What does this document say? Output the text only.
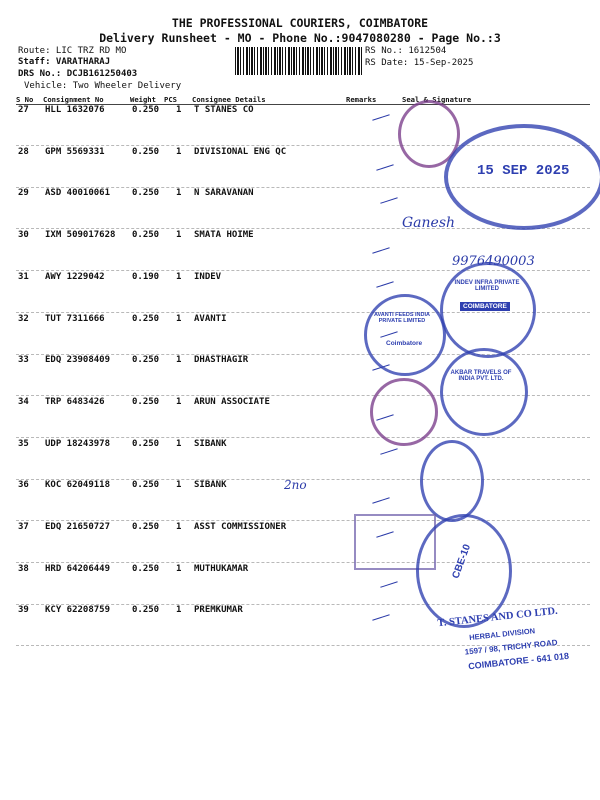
THE PROFESSIONAL COURIERS, COIMBATORE
Delivery Runsheet - MO - Phone No.:9047080280 - Page No.:3
Route: LIC TRZ RD MO
Staff: VARATHARAJ
DRS No.: DCJB161250403
Vehicle: Two Wheeler Delivery
RS No.: 1612504
RS Date: 15-Sep-2025
S No Consignment No	Weight PCS Consignee Details	Remarks	Seal & Signature
27 HLL 1632076	0.250 1 T STANES CO
28 GPM 5569331	0.250 1 DIVISIONAL ENG QC
29 ASD 40010061 0.250 1 N SARAVANAN
30 IXM 509017628 0.250 1 SMATA HOIME
31 AWY 1229042	0.190 1 INDEV
32 TUT 7311666	0.250 1 AVANTI
33 EDQ 23908409 0.250 1 DHASTHAGIR
34 TRP 6483426	0.250 1 ARUN ASSOCIATE
35 UDP 18243978 0.250 1 SIBANK
36 KOC 62049118 0.250 1 SIBANK
37 EDQ 21650727 0.250 1 ASST COMMISSIONER
38 HRD 64206449 0.250 1 MUTHUKAMAR
39 KCY 62208759 0.250 1 PREMKUMAR
15 SEP 2025
Ganesh
9976490003
INDEV INFRA PRIVATE LIMITED
COIMBATORE
AVANTI FEEDS INDIA PRIVATE LIMITED
Coimbatore
AKBAR TRAVELS OF INDIA PVT. LTD.
CBE-10
2no
T. STANES AND CO LTD.
HERBAL DIVISION
1597 / 98, TRICHY ROAD
COIMBATORE - 641 018
